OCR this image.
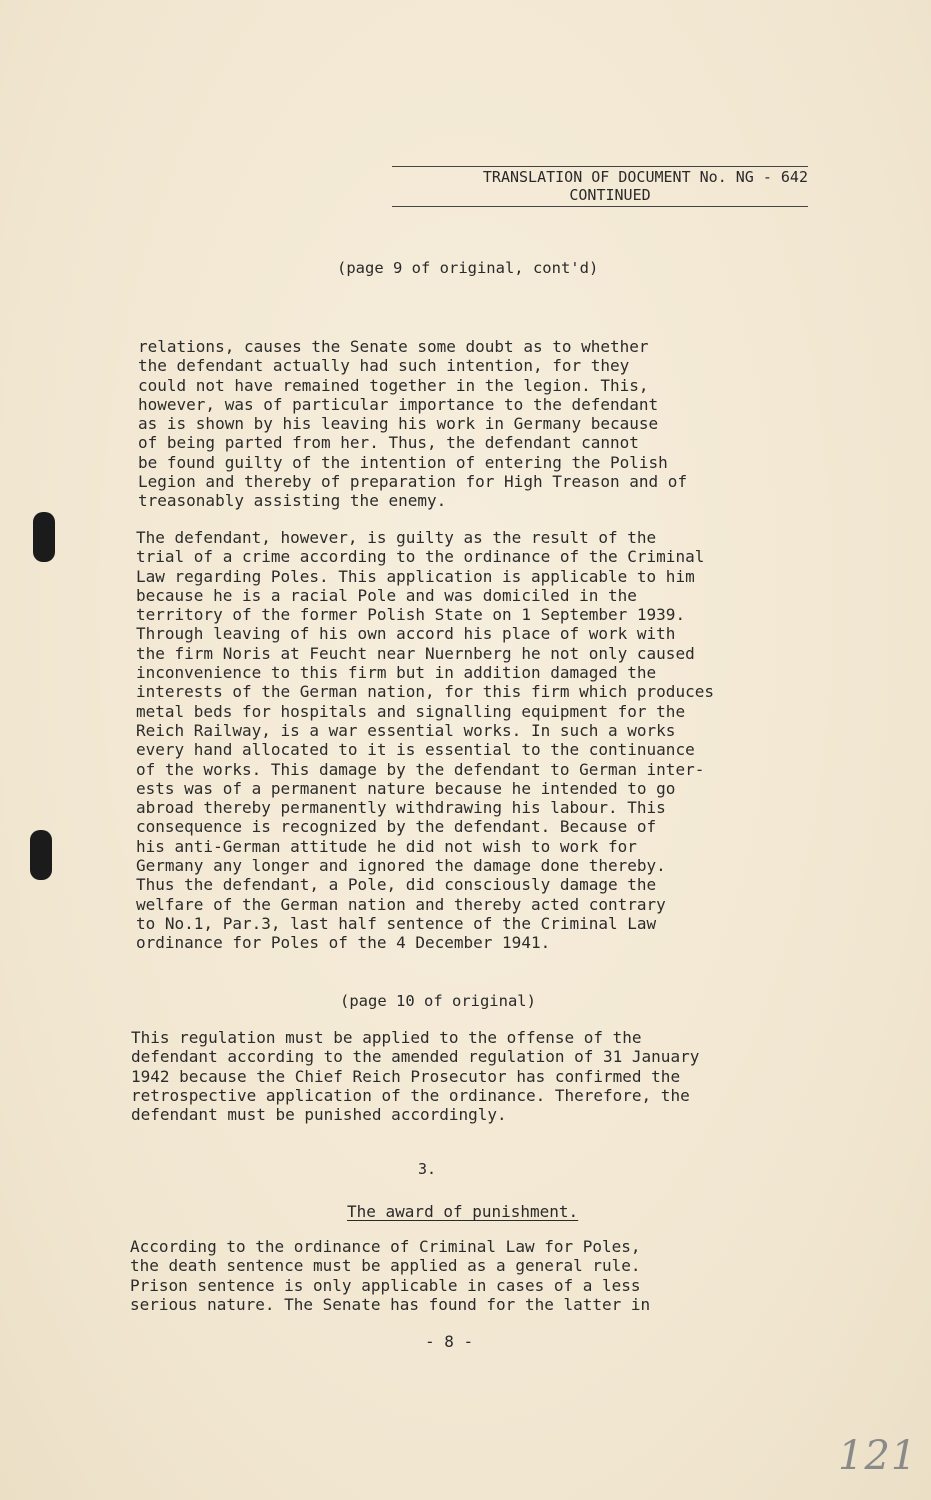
TRANSLATION OF DOCUMENT No. NG - 642
CONTINUED
(page 9 of original, cont'd)
relations, causes the Senate some doubt as to whether
the defendant actually had such intention, for they
could not have remained together in the legion. This,
however, was of particular importance to the defendant
as is shown by his leaving his work in Germany because
of being parted from her. Thus, the defendant cannot
be found guilty of the intention of entering the Polish
Legion and thereby of preparation for High Treason and of
treasonably assisting the enemy.
The defendant, however, is guilty as the result of the
trial of a crime according to the ordinance of the Criminal
Law regarding Poles. This application is applicable to him
because he is a racial Pole and was domiciled in the
territory of the former Polish State on 1 September 1939.
Through leaving of his own accord his place of work with
the firm Noris at Feucht near Nuernberg he not only caused
inconvenience to this firm but in addition damaged the
interests of the German nation, for this firm which produces
metal beds for hospitals and signalling equipment for the
Reich Railway, is a war essential works. In such a works
every hand allocated to it is essential to the continuance
of the works. This damage by the defendant to German inter-
ests was of a permanent nature because he intended to go
abroad thereby permanently withdrawing his labour. This
consequence is recognized by the defendant. Because of
his anti-German attitude he did not wish to work for
Germany any longer and ignored the damage done thereby.
Thus the defendant, a Pole, did consciously damage the
welfare of the German nation and thereby acted contrary
to No.1, Par.3, last half sentence of the Criminal Law
ordinance for Poles of the 4 December 1941.
(page 10 of original)
This regulation must be applied to the offense of the
defendant according to the amended regulation of 31 January
1942 because the Chief Reich Prosecutor has confirmed the
retrospective application of the ordinance. Therefore, the
defendant must be punished accordingly.
3.
The award of punishment.
According to the ordinance of Criminal Law for Poles,
the death sentence must be applied as a general rule.
Prison sentence is only applicable in cases of a less
serious nature. The Senate has found for the latter in
- 8 -
121
